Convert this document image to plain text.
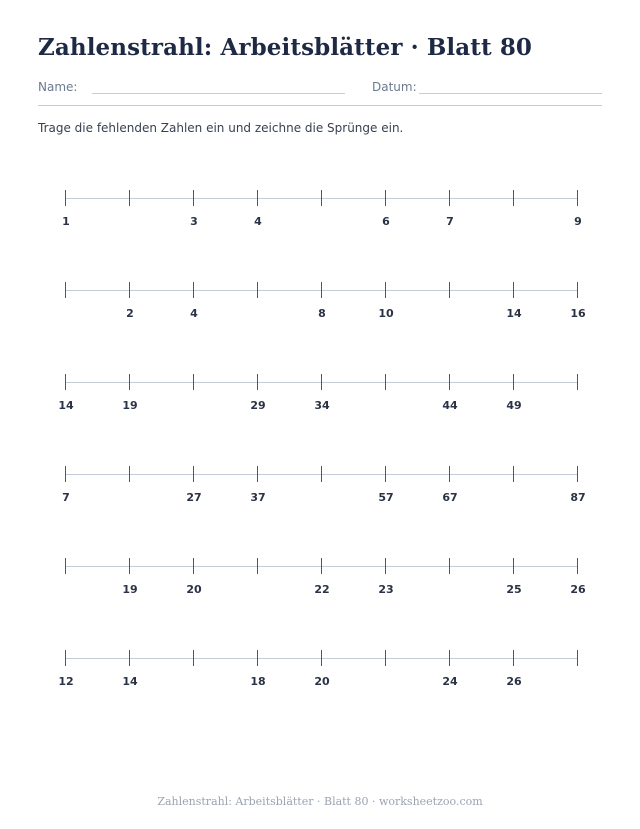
Zahlenstrahl: Arbeitsblätter · Blatt 80
Name:	Datum:
Trage die fehlenden Zahlen ein und zeichne die Sprünge ein.
1	3	4	6	7	9
2	4	8	10	14	16
14	19	29	34	44	49
7	27	37	57	67	87
19	20	22	23	25	26
12	14	18	20	24	26
Zahlenstrahl: Arbeitsblätter · Blatt 80 · worksheetzoo.com
